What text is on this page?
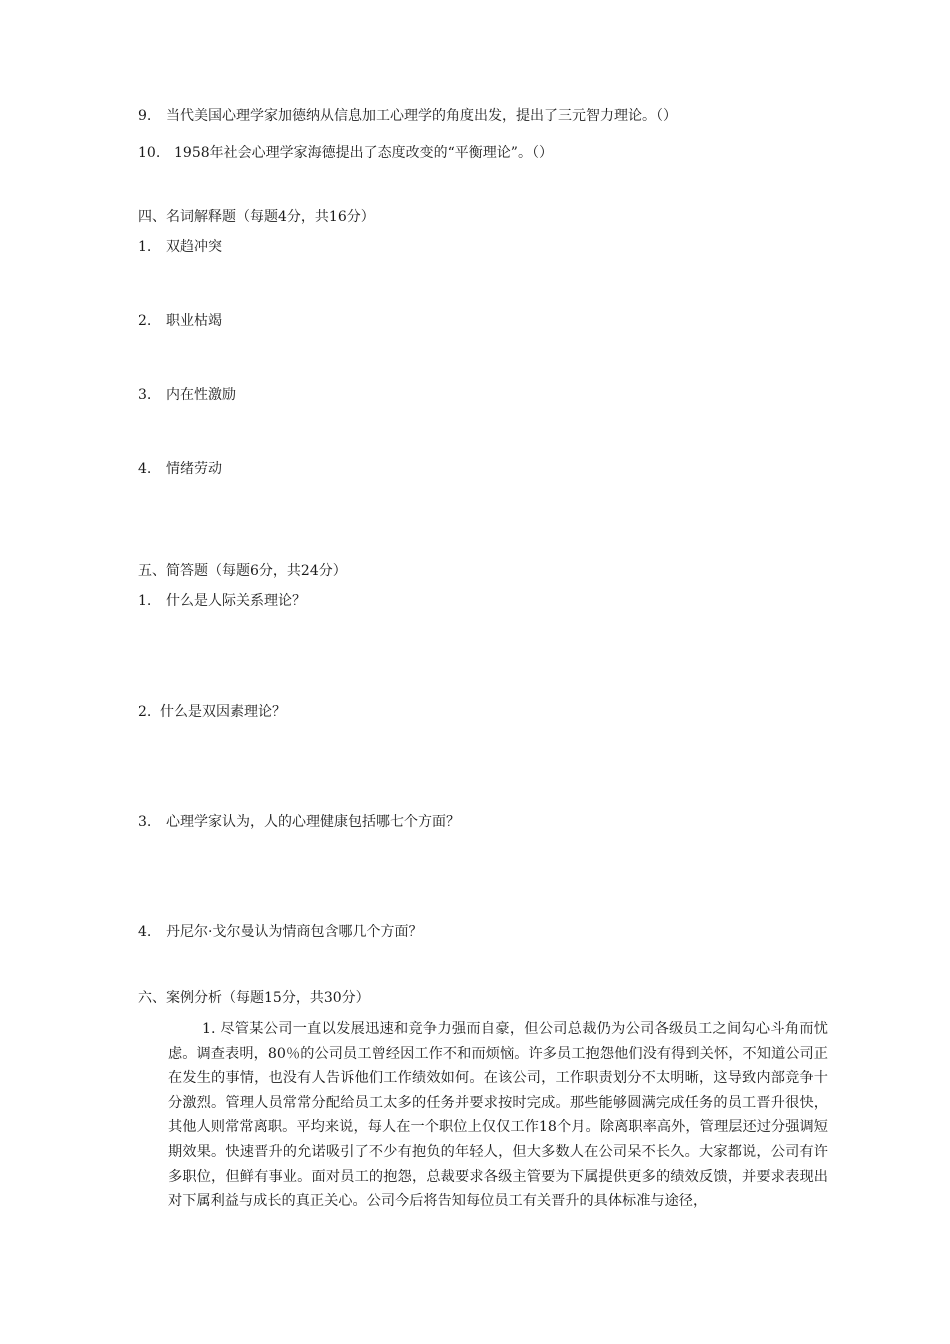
9. 当代美国心理学家加德纳从信息加工心理学的角度出发，提出了三元智力理论。（）
10. 1958年社会心理学家海德提出了态度改变的“平衡理论”。（）
四、名词解释题（每题4分，共16分）
1. 双趋冲突
2. 职业枯竭
3. 内在性激励
4. 情绪劳动
五、简答题（每题6分，共24分）
1. 什么是人际关系理论？
2. 什么是双因素理论？
3. 心理学家认为，人的心理健康包括哪七个方面？
4. 丹尼尔·戈尔曼认为情商包含哪几个方面？
六、案例分析（每题15分，共30分）
1. 尽管某公司一直以发展迅速和竞争力强而自豪，但公司总裁仍为公司各级员工之间勾心斗角而忧虑。调查表明，80％的公司员工曾经因工作不和而烦恼。许多员工抱怨他们没有得到关怀，不知道公司正在发生的事情，也没有人告诉他们工作绩效如何。在该公司，工作职责划分不太明晰，这导致内部竞争十分激烈。管理人员常常分配给员工太多的任务并要求按时完成。那些能够圆满完成任务的员工晋升很快，其他人则常常离职。平均来说，每人在一个职位上仅仅工作18个月。除离职率高外，管理层还过分强调短期效果。快速晋升的允诺吸引了不少有抱负的年轻人，但大多数人在公司呆不长久。大家都说，公司有许多职位，但鲜有事业。面对员工的抱怨，总裁要求各级主管要为下属提供更多的绩效反馈，并要求表现出对下属利益与成长的真正关心。公司今后将告知每位员工有关晋升的具体标准与途径，
